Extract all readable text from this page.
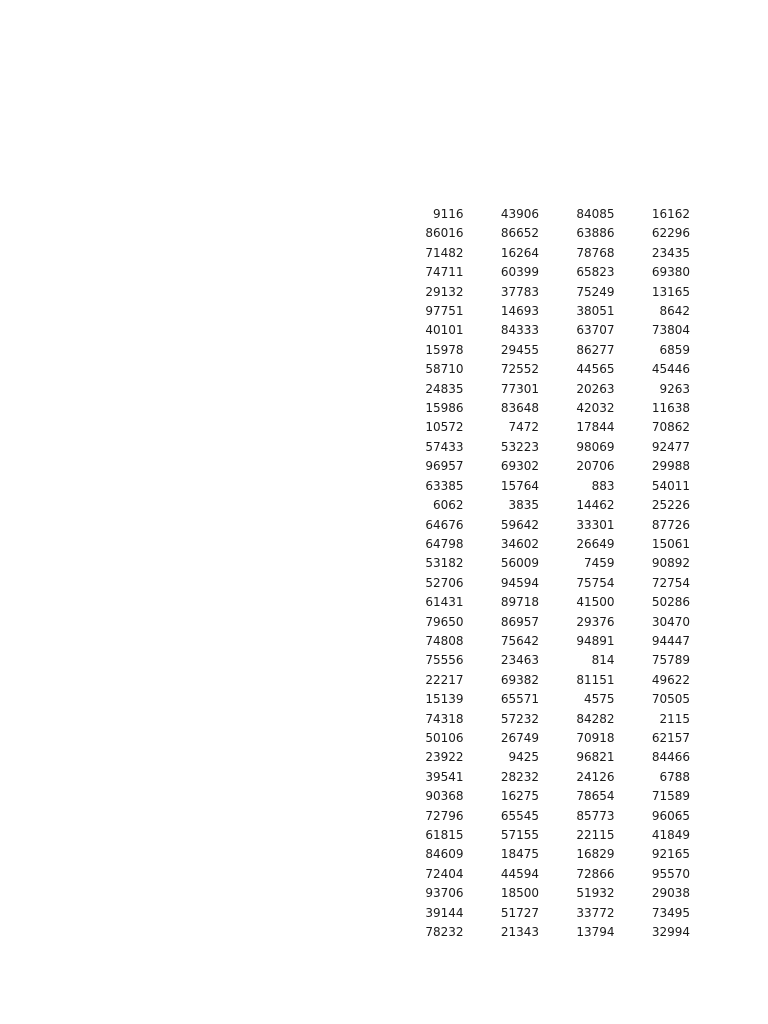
9116	43906	84085	16162
86016	86652	63886	62296
71482	16264	78768	23435
74711	60399	65823	69380
29132	37783	75249	13165
97751	14693	38051	8642
40101	84333	63707	73804
15978	29455	86277	6859
58710	72552	44565	45446
24835	77301	20263	9263
15986	83648	42032	11638
10572	7472	17844	70862
57433	53223	98069	92477
96957	69302	20706	29988
63385	15764	883	54011
6062	3835	14462	25226
64676	59642	33301	87726
64798	34602	26649	15061
53182	56009	7459	90892
52706	94594	75754	72754
61431	89718	41500	50286
79650	86957	29376	30470
74808	75642	94891	94447
75556	23463	814	75789
22217	69382	81151	49622
15139	65571	4575	70505
74318	57232	84282	2115
50106	26749	70918	62157
23922	9425	96821	84466
39541	28232	24126	6788
90368	16275	78654	71589
72796	65545	85773	96065
61815	57155	22115	41849
84609	18475	16829	92165
72404	44594	72866	95570
93706	18500	51932	29038
39144	51727	33772	73495
78232	21343	13794	32994
